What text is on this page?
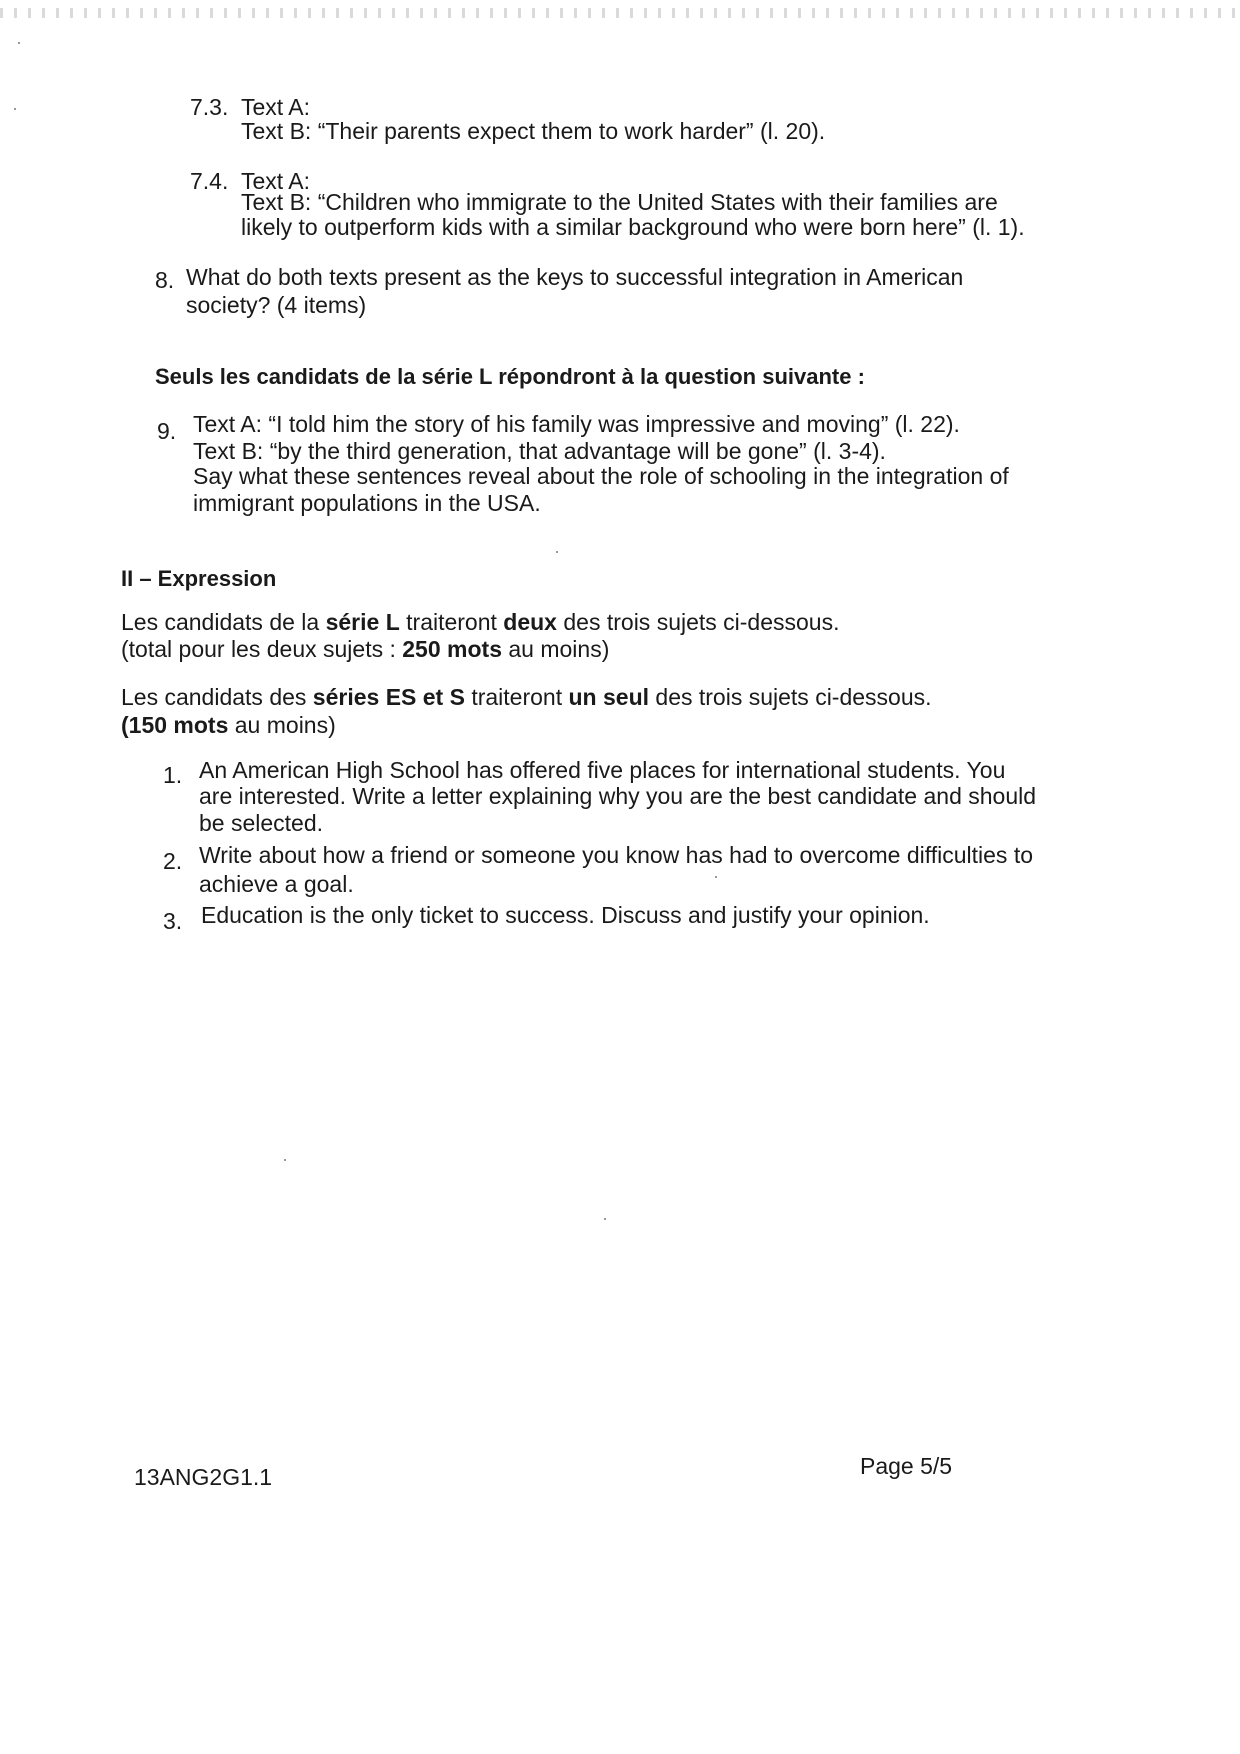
7.3. Text A:
Text B: “Their parents expect them to work harder” (l. 20).
7.4. Text A:
Text B: “Children who immigrate to the United States with their families are
likely to outperform kids with a similar background who were born here” (l. 1).
8. What do both texts present as the keys to successful integration in American
society? (4 items)
Seuls les candidats de la série L répondront à la question suivante :
9. Text A: “I told him the story of his family was impressive and moving” (l. 22).
Text B: “by the third generation, that advantage will be gone” (l. 3-4).
Say what these sentences reveal about the role of schooling in the integration of
immigrant populations in the USA.
II – Expression
Les candidats de la série L traiteront deux des trois sujets ci-dessous.
(total pour les deux sujets : 250 mots au moins)
Les candidats des séries ES et S traiteront un seul des trois sujets ci-dessous.
(150 mots au moins)
1. An American High School has offered five places for international students. You
are interested. Write a letter explaining why you are the best candidate and should
be selected.
2. Write about how a friend or someone you know has had to overcome difficulties to
achieve a goal.
3. Education is the only ticket to success. Discuss and justify your opinion.
13ANG2G1.1	Page 5/5
